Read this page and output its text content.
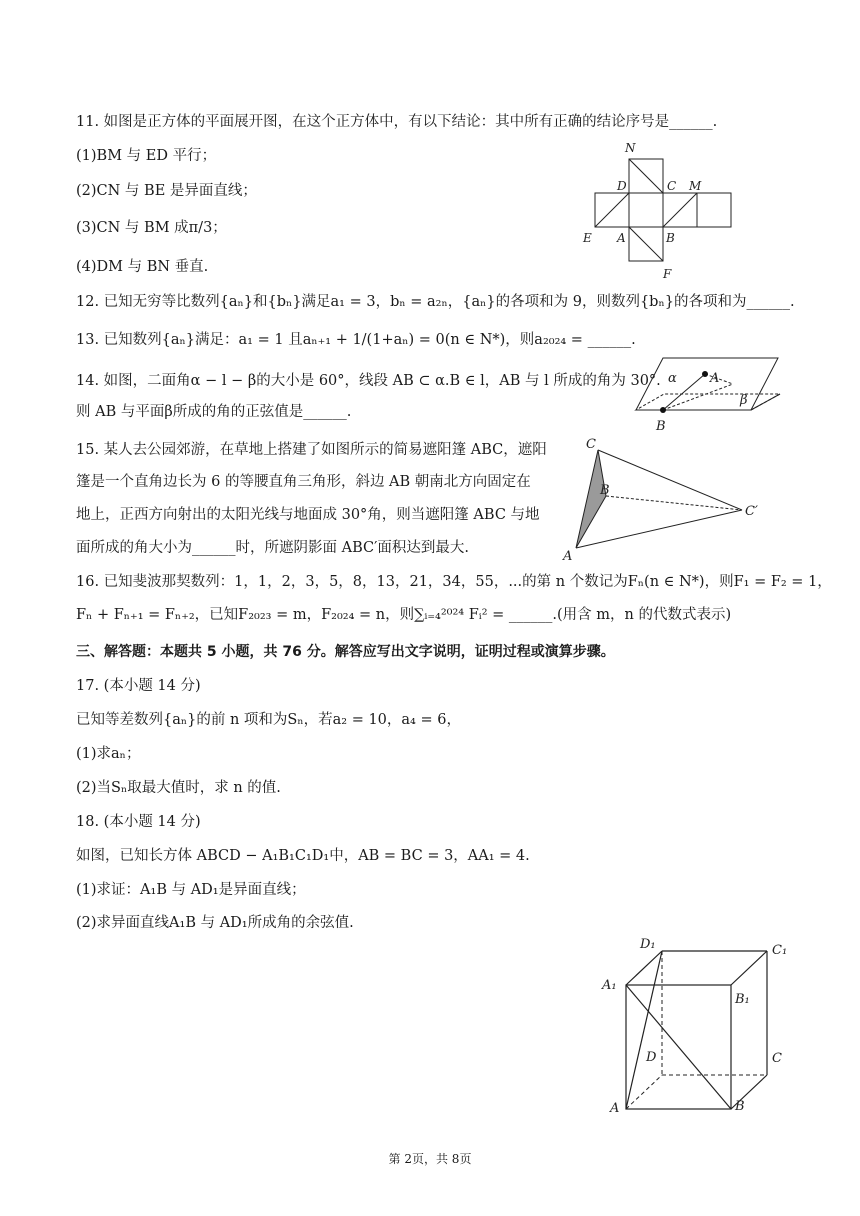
11. 如图是正方体的平面展开图，在这个正方体中，有以下结论：其中所有正确的结论序号是______.
(1)BM 与 ED 平行；
(2)CN 与 BE 是异面直线；
(3)CN 与 BM 成π/3；
(4)DM 与 BN 垂直.
12. 已知无穷等比数列{aₙ}和{bₙ}满足a₁ = 3，bₙ = a₂ₙ，{aₙ}的各项和为 9，则数列{bₙ}的各项和为______.
13. 已知数列{aₙ}满足：a₁ = 1 且aₙ₊₁ + 1/(1+aₙ) = 0(n ∈ N*)，则a₂₀₂₄ = ______.
14. 如图，二面角α − l − β的大小是 60°，线段 AB ⊂ α.B ∈ l，AB 与 l 所成的角为 30°.
则 AB 与平面β所成的角的正弦值是______.
15. 某人去公园郊游，在草地上搭建了如图所示的简易遮阳篷 ABC，遮阳
篷是一个直角边长为 6 的等腰直角三角形，斜边 AB 朝南北方向固定在
地上，正西方向射出的太阳光线与地面成 30°角，则当遮阳篷 ABC 与地
面所成的角大小为______时，所遮阴影面 ABC′面积达到最大.
16. 已知斐波那契数列：1，1，2，3，5，8，13，21，34，55，...的第 n 个数记为Fₙ(n ∈ N*)，则F₁ = F₂ = 1，
Fₙ + Fₙ₊₁ = Fₙ₊₂，已知F₂₀₂₃ = m，F₂₀₂₄ = n，则∑ᵢ₌₄²⁰²⁴ Fᵢ² = ______.(用含 m，n 的代数式表示)
三、解答题：本题共 5 小题，共 76 分。解答应写出文字说明，证明过程或演算步骤。
17. (本小题 14 分)
已知等差数列{aₙ}的前 n 项和为Sₙ，若a₂ = 10，a₄ = 6，
(1)求aₙ；
(2)当Sₙ取最大值时，求 n 的值.
18. (本小题 14 分)
如图，已知长方体 ABCD − A₁B₁C₁D₁中，AB = BC = 3，AA₁ = 4.
(1)求证：A₁B 与 AD₁是异面直线；
(2)求异面直线A₁B 与 AD₁所成角的余弦值.
N
D	C M
E A	B
F
α	A
β
B
C
B
C′
A
D₁	C₁
A₁
B₁
D	C
A	B
第 2页，共 8页
